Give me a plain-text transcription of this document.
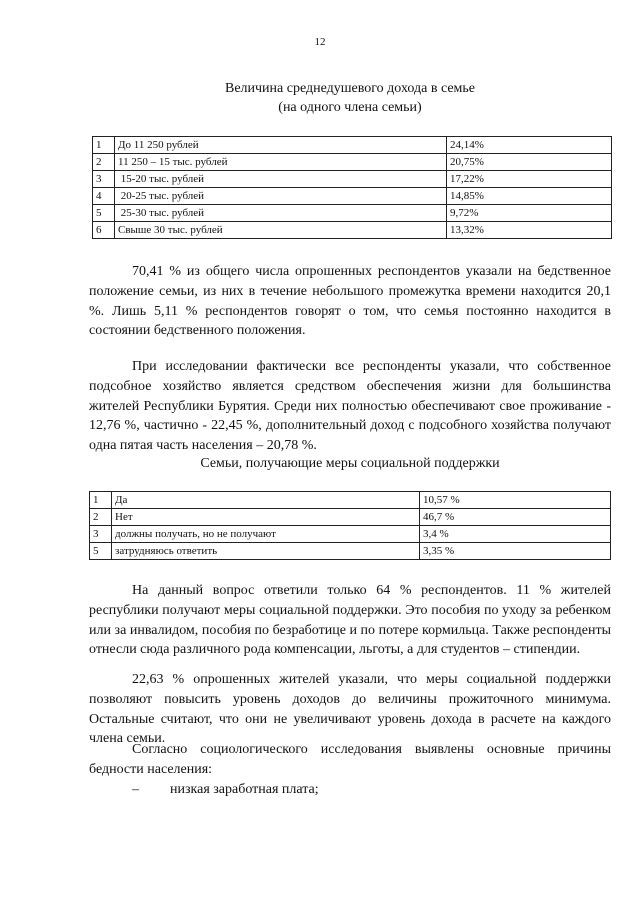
12
Величина среднедушевого дохода в семье
(на одного члена семьи)
1	До 11 250 рублей	24,14%
2	11 250 – 15 тыс. рублей	20,75%
3	15-20 тыс. рублей	17,22%
4	20-25 тыс. рублей	14,85%
5	25-30 тыс. рублей	9,72%
6	Свыше 30 тыс. рублей	13,32%

70,41 % из общего числа опрошенных респондентов указали на бедственное положение семьи, из них в течение небольшого промежутка времени находится 20,1 %. Лишь 5,11 % респондентов говорят о том, что семья постоянно находится в состоянии бедственного положения.

При исследовании фактически все респонденты указали, что собственное подсобное хозяйство является средством обеспечения жизни для большинства жителей Республики Бурятия. Среди них полностью обеспечивают свое проживание - 12,76 %, частично - 22,45 %, дополнительный доход с подсобного хозяйства получают одна пятая часть населения – 20,78 %.

Семьи, получающие меры социальной поддержки
1	Да	10,57 %
2	Нет	46,7 %
3	должны получать, но не получают	3,4 %
5	затрудняюсь ответить	3,35 %

На данный вопрос ответили только 64 % респондентов. 11 % жителей республики получают меры социальной поддержки. Это пособия по уходу за ребенком или за инвалидом, пособия по безработице и по потере кормильца. Также респонденты отнесли сюда различного рода компенсации, льготы, а для студентов – стипендии.

22,63 % опрошенных жителей указали, что меры социальной поддержки позволяют повысить уровень доходов до величины прожиточного минимума. Остальные считают, что они не увеличивают уровень дохода в расчете на каждого члена семьи.

Согласно социологического исследования выявлены основные причины бедности населения:

– низкая заработная плата;
